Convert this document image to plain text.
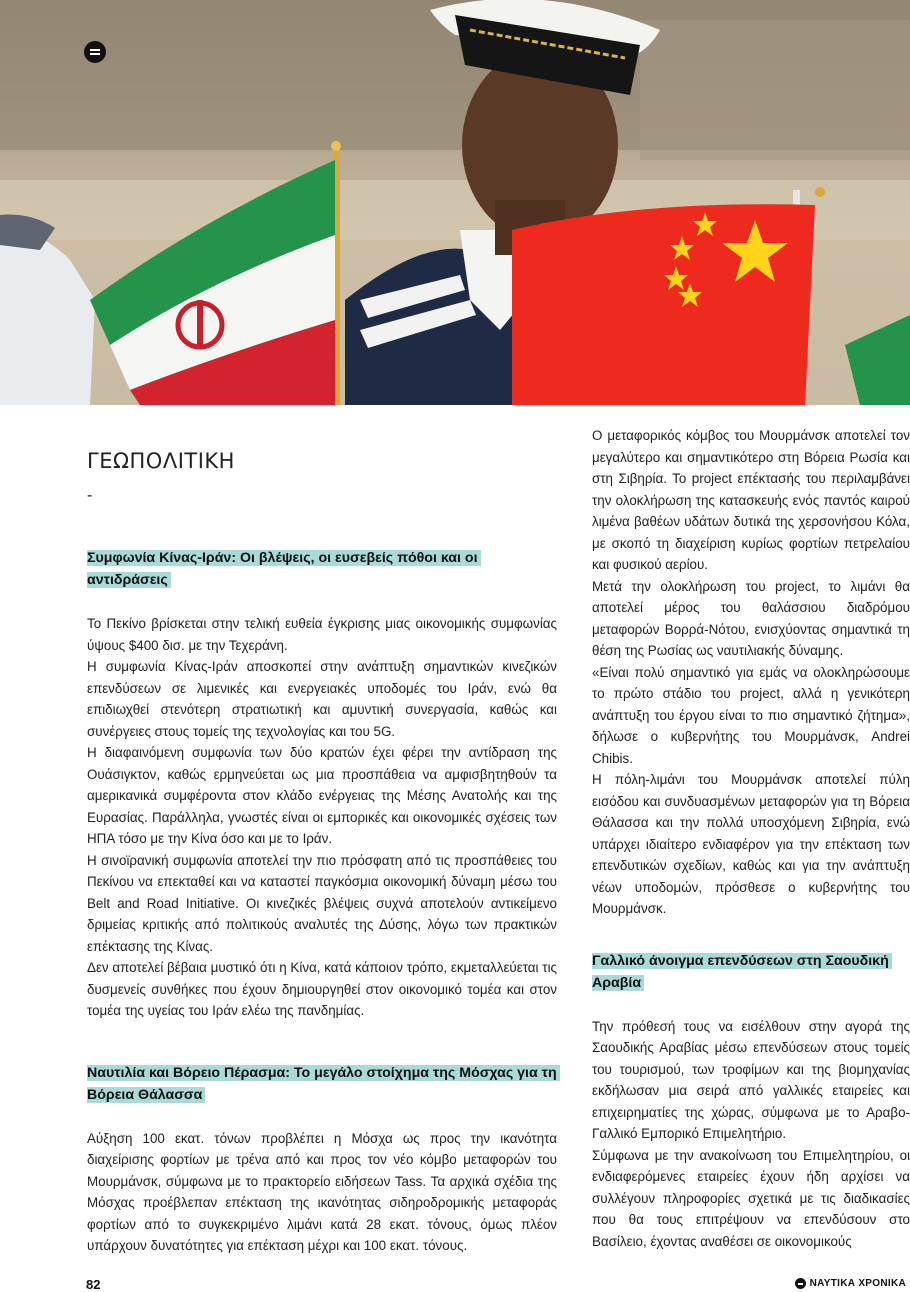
ΓΕΩΠΟΛΙΤΙΚΗ
-

Συμφωνία Κίνας-Ιράν: Οι βλέψεις, οι ευσεβείς πόθοι και οι αντιδράσεις

Το Πεκίνο βρίσκεται στην τελική ευθεία έγκρισης μιας οικονομικής συμφωνίας ύψους $400 δισ. με την Τεχεράνη.

Η συμφωνία Κίνας-Ιράν αποσκοπεί στην ανάπτυξη σημαντικών κινεζικών επενδύσεων σε λιμενικές και ενεργειακές υποδομές του Ιράν, ενώ θα επιδιωχθεί στενότερη στρατιωτική και αμυντική συνεργασία, καθώς και συνέργειες στους τομείς της τεχνολογίας και του 5G.

Η διαφαινόμενη συμφωνία των δύο κρατών έχει φέρει την αντίδραση της Ουάσιγκτον, καθώς ερμηνεύεται ως μια προσπάθεια να αμφισβητηθούν τα αμερικανικά συμφέροντα στον κλάδο ενέργειας της Μέσης Ανατολής και της Ευρασίας. Παράλληλα, γνωστές είναι οι εμπορικές και οικονομικές σχέσεις των ΗΠΑ τόσο με την Κίνα όσο και με το Ιράν.

Η σινοϊρανική συμφωνία αποτελεί την πιο πρόσφατη από τις προσπάθειες του Πεκίνου να επεκταθεί και να καταστεί παγκόσμια οικονομική δύναμη μέσω του Belt and Road Initiative. Οι κινεζικές βλέψεις συχνά αποτελούν αντικείμενο δριμείας κριτικής από πολιτικούς αναλυτές της Δύσης, λόγω των πρακτικών επέκτασης της Κίνας.

Δεν αποτελεί βέβαια μυστικό ότι η Κίνα, κατά κάποιον τρόπο, εκμεταλλεύεται τις δυσμενείς συνθήκες που έχουν δημιουργηθεί στον οικονομικό τομέα και στον τομέα της υγείας του Ιράν ελέω της πανδημίας.

Ναυτιλία και Βόρειο Πέρασμα: Το μεγάλο στοίχημα της Μόσχας για τη Βόρεια Θάλασσα

Αύξηση 100 εκατ. τόνων προβλέπει η Μόσχα ως προς την ικανότητα διαχείρισης φορτίων με τρένα από και προς τον νέο κόμβο μεταφορών του Μουρμάνσκ, σύμφωνα με το πρακτορείο ειδήσεων Tass. Τα αρχικά σχέδια της Μόσχας προέβλεπαν επέκταση της ικανότητας σιδηροδρομικής μεταφοράς φορτίων από το συγκεκριμένο λιμάνι κατά 28 εκατ. τόνους, όμως πλέον υπάρχουν δυνατότητες για επέκταση μέχρι και 100 εκατ. τόνους.

Ο μεταφορικός κόμβος του Μουρμάνσκ αποτελεί τον μεγαλύτερο και σημαντικότερο στη Βόρεια Ρωσία και στη Σιβηρία. Το project επέκτασής του περιλαμβάνει την ολοκλήρωση της κατασκευής ενός παντός καιρού λιμένα βαθέων υδάτων δυτικά της χερσονήσου Κόλα, με σκοπό τη διαχείριση κυρίως φορτίων πετρελαίου και φυσικού αερίου.

Μετά την ολοκλήρωση του project, το λιμάνι θα αποτελεί μέρος του θαλάσσιου διαδρόμου μεταφορών Βορρά-Νότου, ενισχύοντας σημαντικά τη θέση της Ρωσίας ως ναυτιλιακής δύναμης.

«Είναι πολύ σημαντικό για εμάς να ολοκληρώσουμε το πρώτο στάδιο του project, αλλά η γενικότερη ανάπτυξη του έργου είναι το πιο σημαντικό ζήτημα», δήλωσε ο κυβερνήτης του Μουρμάνσκ, Andrei Chibis.

Η πόλη-λιμάνι του Μουρμάνσκ αποτελεί πύλη εισόδου και συνδυασμένων μεταφορών για τη Βόρεια Θάλασσα και την πολλά υποσχόμενη Σιβηρία, ενώ υπάρχει ιδιαίτερο ενδιαφέρον για την επέκταση των επενδυτικών σχεδίων, καθώς και για την ανάπτυξη νέων υποδομών, πρόσθεσε ο κυβερνήτης του Μουρμάνσκ.

Γαλλικό άνοιγμα επενδύσεων στη Σαουδική Αραβία

Την πρόθεσή τους να εισέλθουν στην αγορά της Σαουδικής Αραβίας μέσω επενδύσεων στους τομείς του τουρισμού, των τροφίμων και της βιομηχανίας εκδήλωσαν μια σειρά από γαλλικές εταιρείες και επιχειρηματίες της χώρας, σύμφωνα με το Αραβο-Γαλλικό Εμπορικό Επιμελητήριο.

Σύμφωνα με την ανακοίνωση του Επιμελητηρίου, οι ενδιαφερόμενες εταιρείες έχουν ήδη αρχίσει να συλλέγουν πληροφορίες σχετικά με τις διαδικασίες που θα τους επιτρέψουν να επενδύσουν στο Βασίλειο, έχοντας αναθέσει σε οικονομικούς

82	ΝΑΥΤΙΚΑ ΧΡΟΝΙΚΑ
